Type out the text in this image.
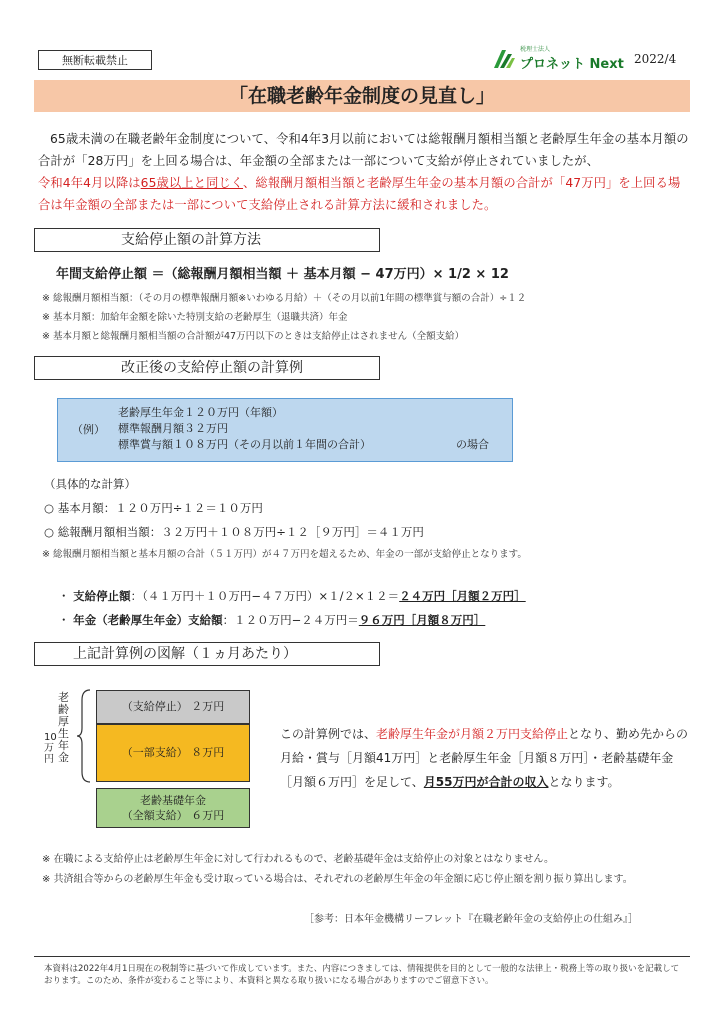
無断転載禁止
税理士法人
プロネット Next 2022/4
「在職老齢年金制度の見直し」
65歳未満の在職老齢年金制度について、令和4年3月以前においては総報酬月額相当額と老齢厚生年金の基本月額の合計が「28万円」を上回る場合は、年金額の全部または一部について支給が停止されていましたが、
令和4年4月以降は65歳以上と同じく、総報酬月額相当額と老齢厚生年金の基本月額の合計が「47万円」を上回る場合は年金額の全部または一部について支給停止される計算方法に緩和されました。
支給停止額の計算方法
年間支給停止額 ＝（総報酬月額相当額 ＋ 基本月額 − 47万円）× 1/2 × 12
※ 総報酬月額相当額：（その月の標準報酬月額※いわゆる月給）＋（その月以前1年間の標準賞与額の合計）÷１２
※ 基本月額：加給年金額を除いた特別支給の老齢厚生（退職共済）年金
※ 基本月額と総報酬月額相当額の合計額が47万円以下のときは支給停止はされません（全額支給）
改正後の支給停止額の計算例
（例）
老齢厚生年金１２０万円（年額）
標準報酬月額３２万円
標準賞与額１０８万円（その月以前１年間の合計）	の場合
（具体的な計算）
○ 基本月額：１２０万円÷１２＝１０万円
○ 総報酬月額相当額：３２万円＋１０８万円÷１２［９万円］＝４１万円
※ 総報酬月額相当額と基本月額の合計（５１万円）が４７万円を超えるため、年金の一部が支給停止となります。
・ 支給停止額：（４１万円＋１０万円−４７万円）×１/２×１２＝２４万円［月額２万円］
・ 年金（老齢厚生年金）支給額：１２０万円−２４万円＝９６万円［月額８万円］
上記計算例の図解（１ヵ月あたり）
老齢厚生年金
10万円
（支給停止） ２万円
（一部支給） ８万円
老齢基礎年金
（全額支給） ６万円
この計算例では、老齢厚生年金が月額２万円支給停止となり、勤め先からの月給・賞与［月額41万円］と老齢厚生年金［月額８万円］・老齢基礎年金［月額６万円］を足して、月55万円が合計の収入となります。
※ 在職による支給停止は老齢厚生年金に対して行われるもので、老齢基礎年金は支給停止の対象とはなりません。
※ 共済組合等からの老齢厚生年金も受け取っている場合は、それぞれの老齢厚生年金の年金額に応じ停止額を割り振り算出します。
［参考：日本年金機構リーフレット『在職老齢年金の支給停止の仕組み』］
本資料は2022年4月1日現在の税制等に基づいて作成しています。また、内容につきましては、情報提供を目的として一般的な法律上・税務上等の取り扱いを記載しております。このため、条件が変わること等により、本資料と異なる取り扱いになる場合がありますのでご留意下さい。
